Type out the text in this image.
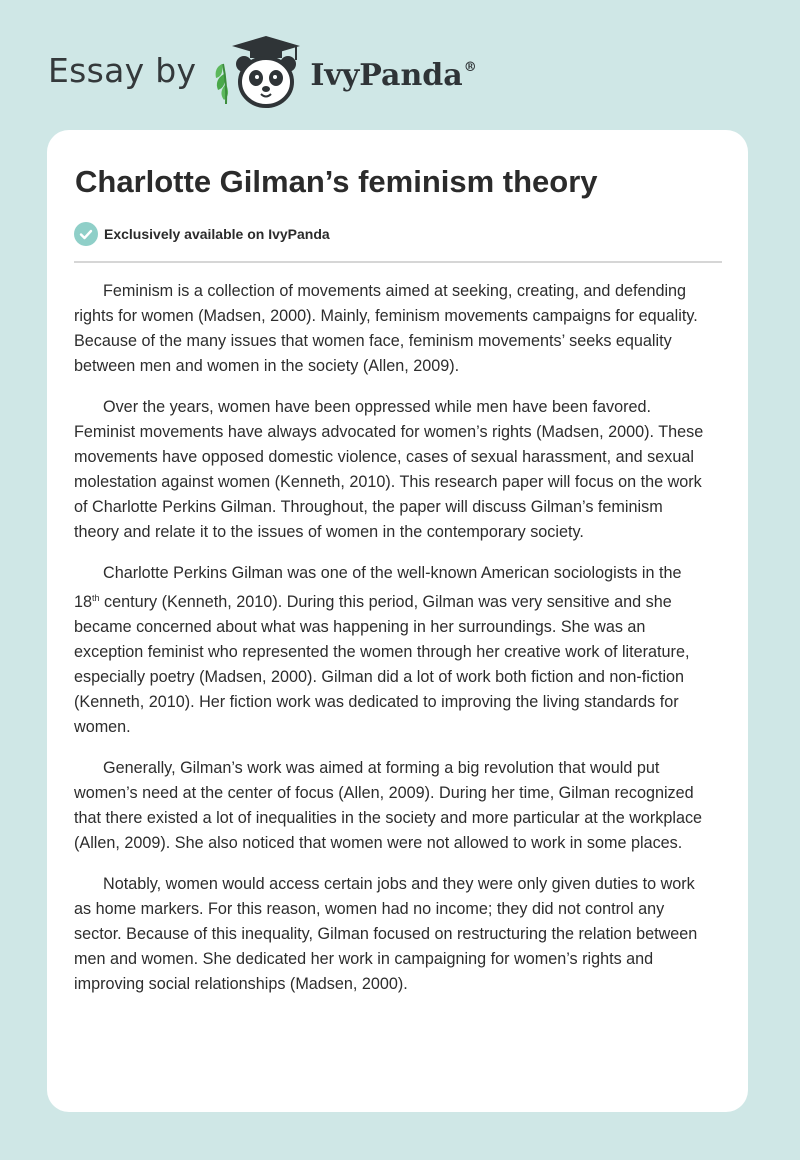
Essay by	IvyPanda®
Charlotte Gilman’s feminism theory
Exclusively available on IvyPanda

Feminism is a collection of movements aimed at seeking, creating, and defending
rights for women (Madsen, 2000). Mainly, feminism movements campaigns for equality.
Because of the many issues that women face, feminism movements’ seeks equality
between men and women in the society (Allen, 2009).

Over the years, women have been oppressed while men have been favored.
Feminist movements have always advocated for women’s rights (Madsen, 2000). These
movements have opposed domestic violence, cases of sexual harassment, and sexual
molestation against women (Kenneth, 2010). This research paper will focus on the work
of Charlotte Perkins Gilman. Throughout, the paper will discuss Gilman’s feminism
theory and relate it to the issues of women in the contemporary society.

Charlotte Perkins Gilman was one of the well-known American sociologists in the
18th century (Kenneth, 2010). During this period, Gilman was very sensitive and she
became concerned about what was happening in her surroundings. She was an
exception feminist who represented the women through her creative work of literature,
especially poetry (Madsen, 2000). Gilman did a lot of work both fiction and non-fiction
(Kenneth, 2010). Her fiction work was dedicated to improving the living standards for
women.

Generally, Gilman’s work was aimed at forming a big revolution that would put
women’s need at the center of focus (Allen, 2009). During her time, Gilman recognized
that there existed a lot of inequalities in the society and more particular at the workplace
(Allen, 2009). She also noticed that women were not allowed to work in some places.

Notably, women would access certain jobs and they were only given duties to work
as home markers. For this reason, women had no income; they did not control any
sector. Because of this inequality, Gilman focused on restructuring the relation between
men and women. She dedicated her work in campaigning for women’s rights and
improving social relationships (Madsen, 2000).
